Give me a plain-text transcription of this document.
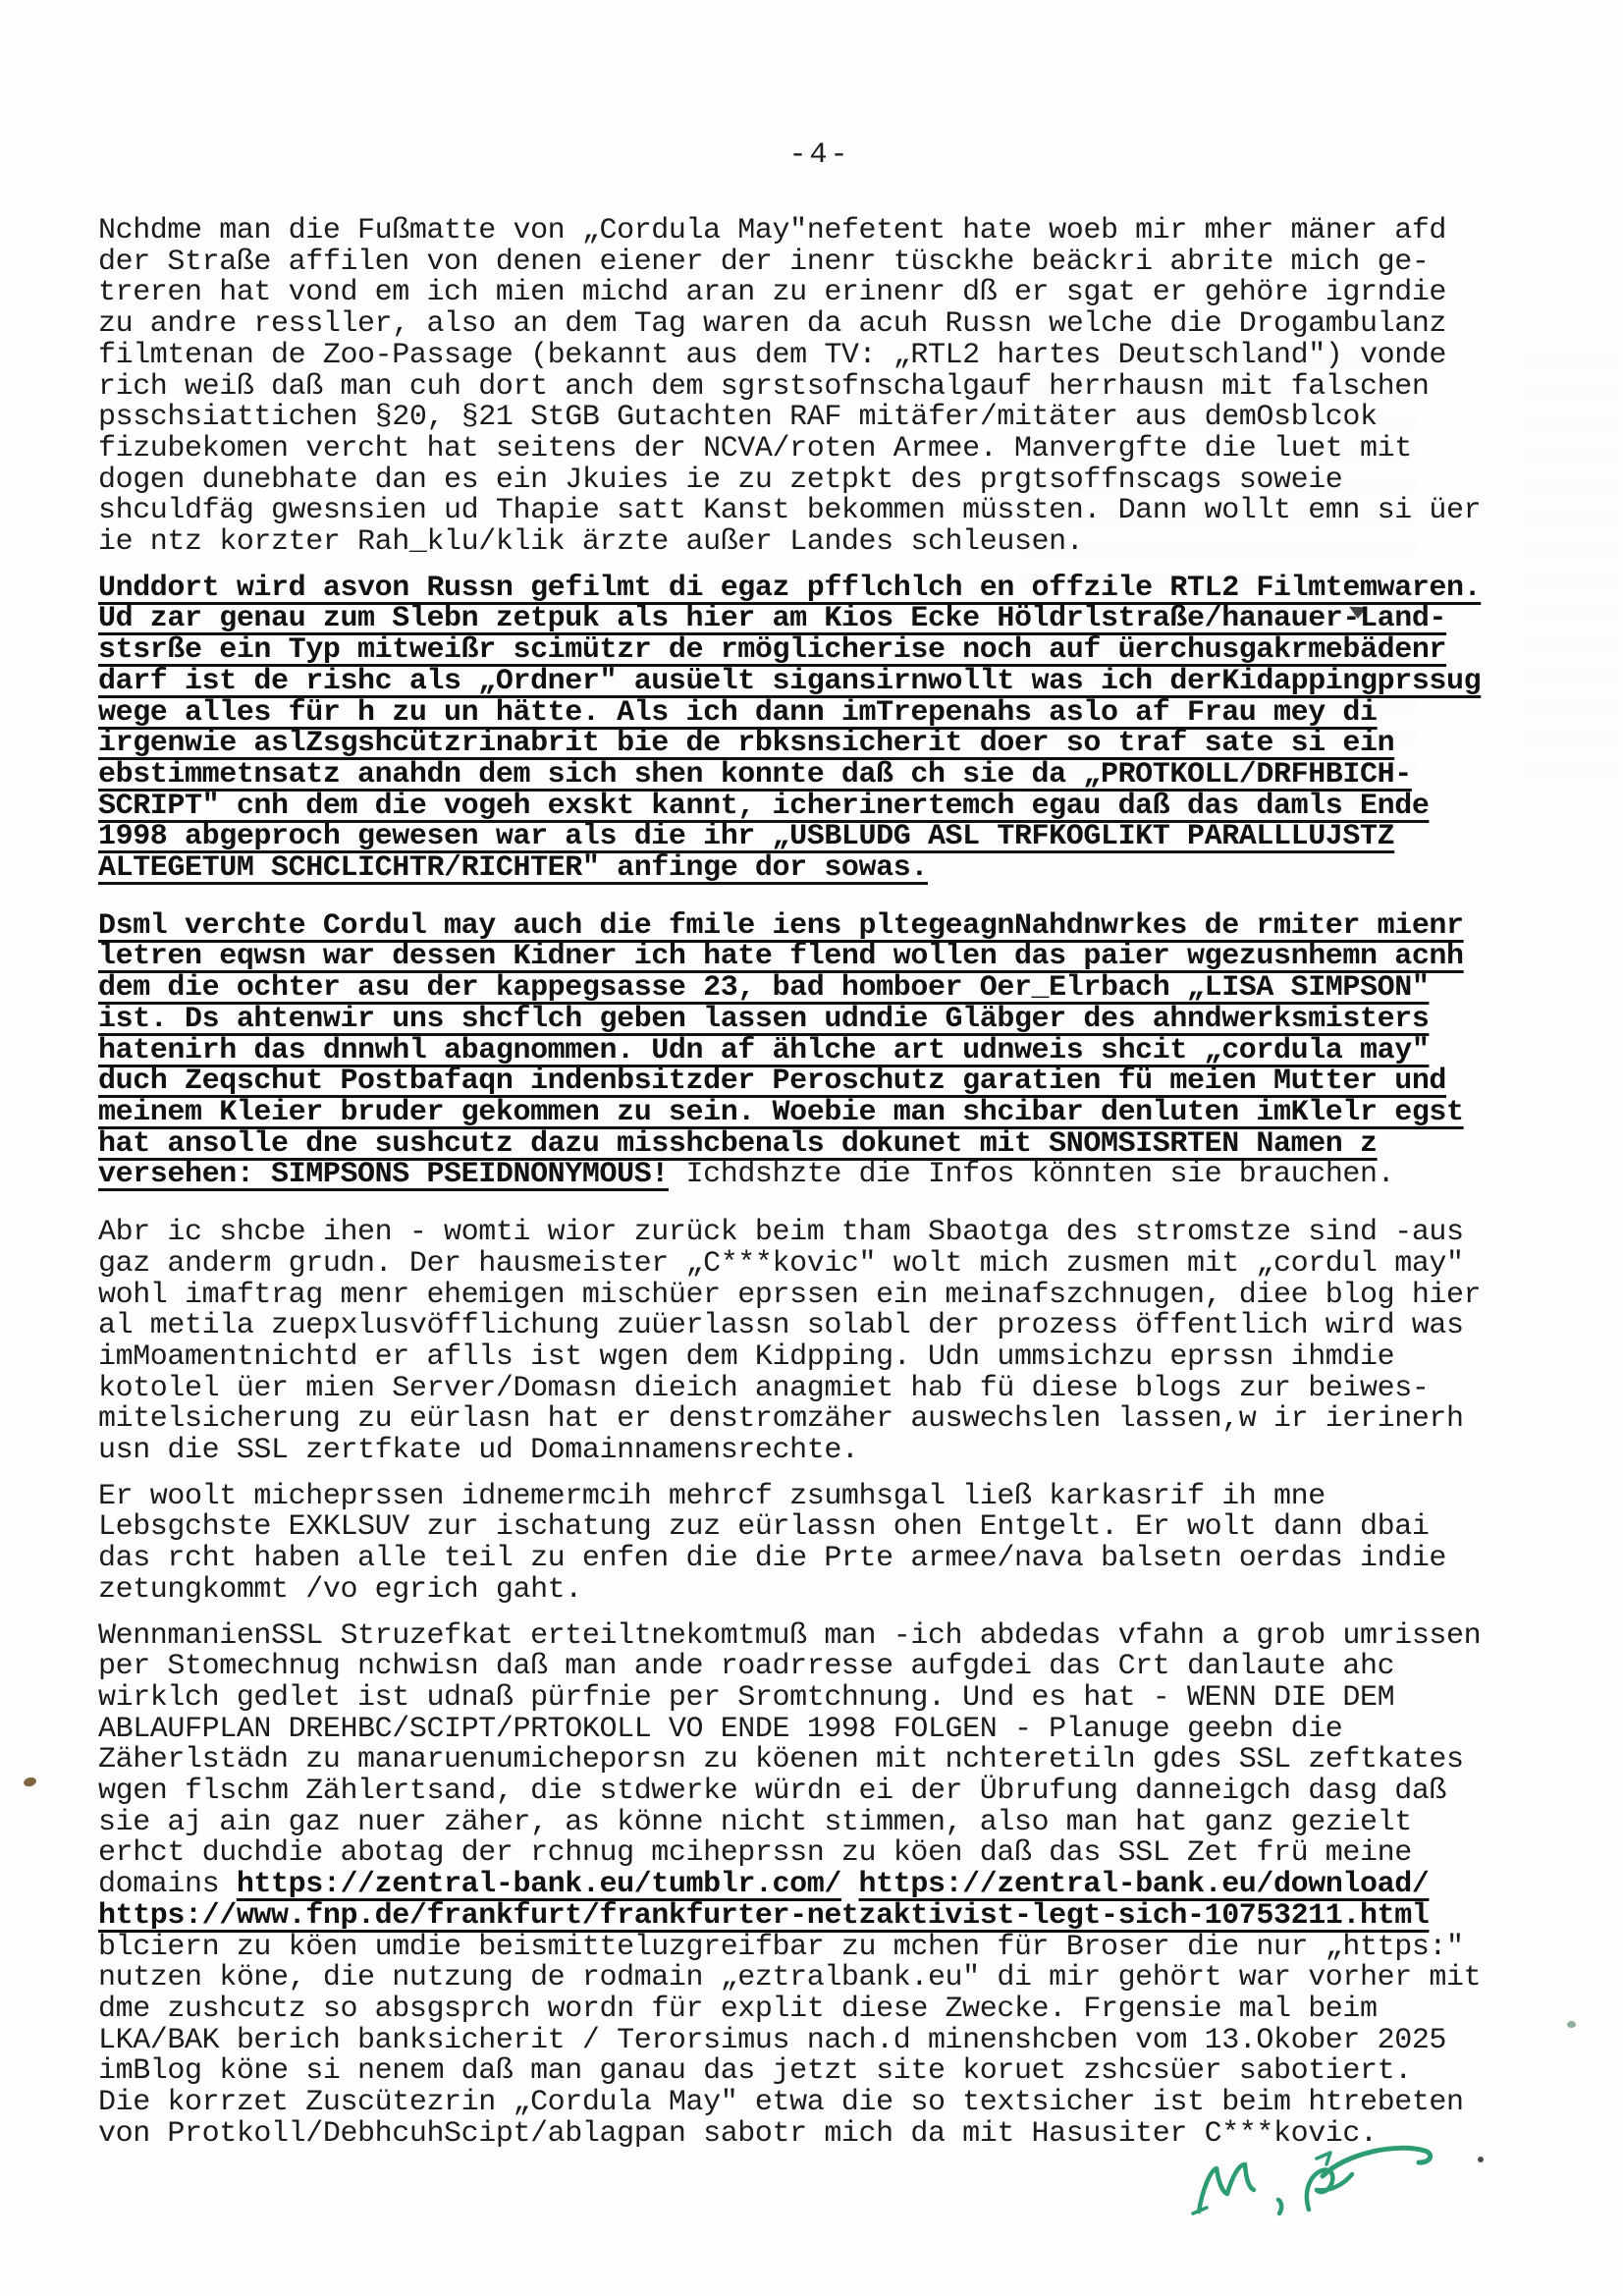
-4-
Nchdme man die Fußmatte von „Cordula May"nefetent hate woeb mir mher mäner afd
der Straße affilen von denen eiener der inenr tüsckhe beäckri abrite mich ge-
treren hat vond em ich mien michd aran zu erinenr dß er sgat er gehöre igrndie
zu andre ressller, also an dem Tag waren da acuh Russn welche die Drogambulanz
filmtenan de Zoo-Passage (bekannt aus dem TV: „RTL2 hartes Deutschland") vonde
rich weiß daß man cuh dort anch dem sgrstsofnschalgauf herrhausn mit falschen
psschsiattichen §20, §21 StGB Gutachten RAF mitäfer/mitäter aus demOsblcok
fizubekomen vercht hat seitens der NCVA/roten Armee. Manvergfte die luet mit
dogen dunebhate dan es ein Jkuies ie zu zetpkt des prgtsoffnscags soweie
shculdfäg gwesnsien ud Thapie satt Kanst bekommen müssten. Dann wollt emn si üer
ie ntz korzter Rah_klu/klik ärzte außer Landes schleusen.
Unddort wird asvon Russn gefilmt di egaz pfflchlch en offzile RTL2 Filmtemwaren.
Ud zar genau zum Slebn zetpuk als hier am Kios Ecke Höldrlstraße/hanauer-Land-
stsrße ein Typ mitweißr scimützr de rmöglicherise noch auf üerchusgakrmebädenr
darf ist de rishc als „Ordner" ausüelt sigansirnwollt was ich derKidappingprssug
wege alles für h zu un hätte. Als ich dann imTrepenahs aslo af Frau mey di
irgenwie aslZsgshcützrinabrit bie de rbksnsicherit doer so traf sate si ein
ebstimmetnsatz anahdn dem sich shen konnte daß ch sie da „PROTKOLL/DRFHBICH-
SCRIPT" cnh dem die vogeh exskt kannt, icherinertemch egau daß das damls Ende
1998 abgeproch gewesen war als die ihr „USBLUDG ASL TRFKOGLIKT PARALLLUJSTZ
ALTEGETUM SCHCLICHTR/RICHTER" anfinge dor sowas.
Dsml verchte Cordul may auch die fmile iens pltegeagnNahdnwrkes de rmiter mienr
letren eqwsn war dessen Kidner ich hate flend wollen das paier wgezusnhemn acnh
dem die ochter asu der kappegsasse 23, bad homboer Oer_Elrbach „LISA SIMPSON"
ist. Ds ahtenwir uns shcflch geben lassen udndie Gläbger des ahndwerksmisters
hatenirh das dnnwhl abagnommen. Udn af ählche art udnweis shcit „cordula may"
duch Zeqschut Postbafaqn indenbsitzder Peroschutz garatien fü meien Mutter und
meinem Kleier bruder gekommen zu sein. Woebie man shcibar denluten imKlelr egst
hat ansolle dne sushcutz dazu misshcbenals dokunet mit SNOMSISRTEN Namen z
versehen: SIMPSONS PSEIDNONYMOUS! Ichdshzte die Infos könnten sie brauchen.
Abr ic shcbe ihen - womti wior zurück beim tham Sbaotga des stromstze sind -aus
gaz anderm grudn. Der hausmeister „C***kovic" wolt mich zusmen mit „cordul may"
wohl imaftrag menr ehemigen mischüer eprssen ein meinafszchnugen, diee blog hier
al metila zuepxlusvöfflichung zuüerlassn solabl der prozess öffentlich wird was
imMoamentnichtd er aflls ist wgen dem Kidpping. Udn ummsichzu eprssn ihmdie
kotolel üer mien Server/Domasn dieich anagmiet hab fü diese blogs zur beiwes-
mitelsicherung zu eürlasn hat er denstromzäher auswechslen lassen,w ir ierinerh
usn die SSL zertfkate ud Domainnamensrechte.
Er woolt micheprssen idnemermcih mehrcf zsumhsgal ließ karkasrif ih mne
Lebsgchste EXKLSUV zur ischatung zuz eürlassn ohen Entgelt. Er wolt dann dbai
das rcht haben alle teil zu enfen die die Prte armee/nava balsetn oerdas indie
zetungkommt /vo egrich gaht.
WennmanienSSL Struzefkat erteiltnekomtmuß man -ich abdedas vfahn a grob umrissen
per Stomechnug nchwisn daß man ande roadrresse aufgdei das Crt danlaute ahc
wirklch gedlet ist udnaß pürfnie per Sromtchnung. Und es hat - WENN DIE DEM
ABLAUFPLAN DREHBC/SCIPT/PRTOKOLL VO ENDE 1998 FOLGEN - Planuge geebn die
Zäherlstädn zu manaruenumicheporsn zu köenen mit nchteretiln gdes SSL zeftkates
wgen flschm Zählertsand, die stdwerke würdn ei der Übrufung danneigch dasg daß
sie aj ain gaz nuer zäher, as könne nicht stimmen, also man hat ganz gezielt
erhct duchdie abotag der rchnug mciheprssn zu köen daß das SSL Zet frü meine
domains https://zentral-bank.eu/tumblr.com/ https://zentral-bank.eu/download/
https://www.fnp.de/frankfurt/frankfurter-netzaktivist-legt-sich-10753211.html
blciern zu köen umdie beismitteluzgreifbar zu mchen für Broser die nur „https:"
nutzen köne, die nutzung de rodmain „eztralbank.eu" di mir gehört war vorher mit
dme zushcutz so absgsprch wordn für explit diese Zwecke. Frgensie mal beim
LKA/BAK berich banksicherit / Terorsimus nach.d minenshcben vom 13.Okober 2025
imBlog köne si nenem daß man ganau das jetzt site koruet zshcsüer sabotiert.
Die korrzet Zuscütezrin „Cordula May" etwa die so textsicher ist beim htrebeten
von Protkoll/DebhcuhScipt/ablagpan sabotr mich da mit Hasusiter C***kovic.
